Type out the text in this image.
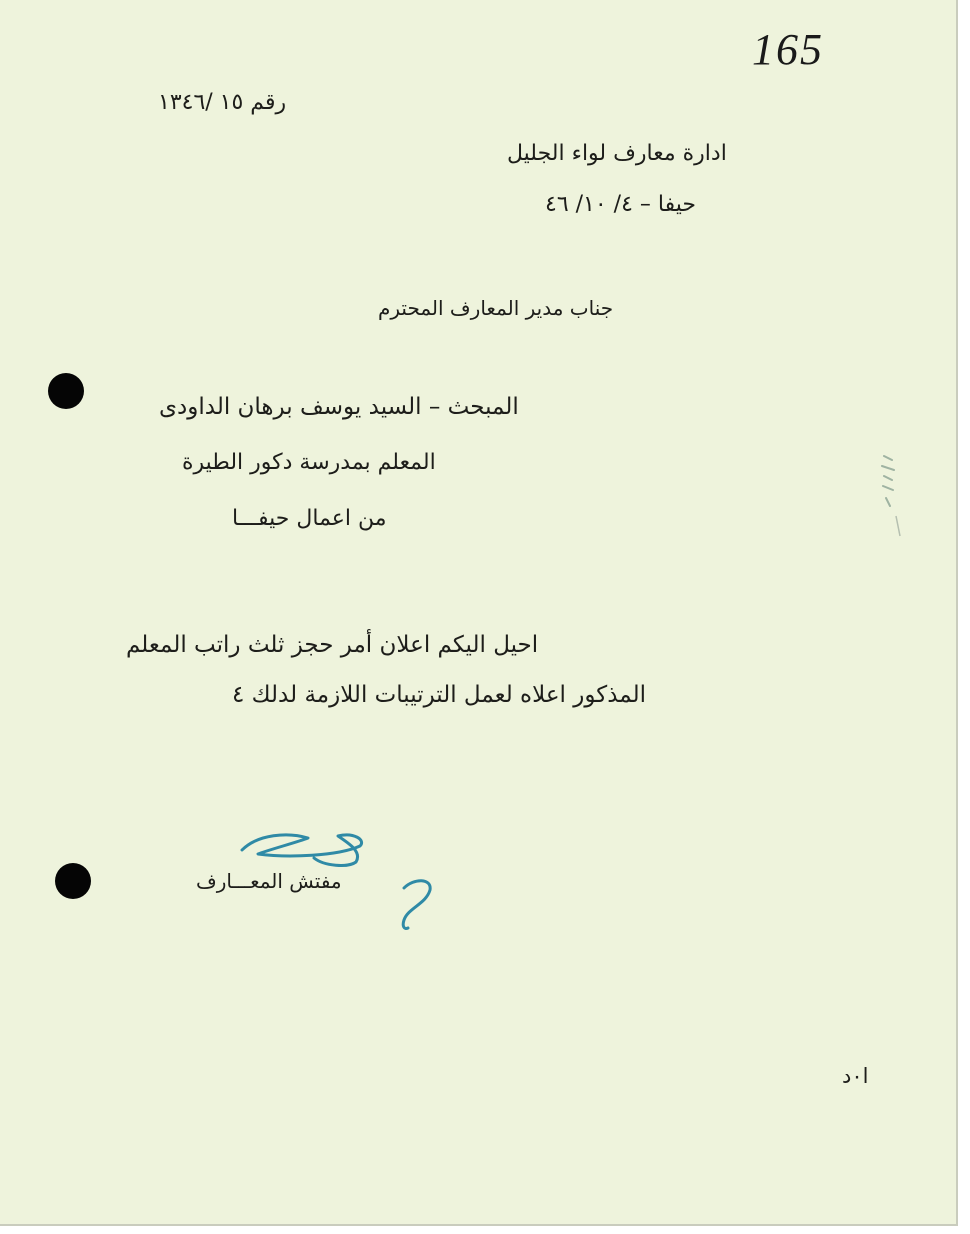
165
رقم ١٥ /١٣٤٦
ادارة معارف لواء الجليل
حيفا – ٤/ ١٠/ ٤٦
جناب مدير المعارف المحترم
المبحث – السيد يوسف برهان الداودى
المعلم بمدرسة دكور الطيرة
من اعمال حيفـــا
احيل اليكم اعلان أمر حجز ثلث راتب المعلم
المذكور اعلاه لعمل الترتيبات اللازمة لدلك ٤
مفتش المعـــارف
ا٠د
